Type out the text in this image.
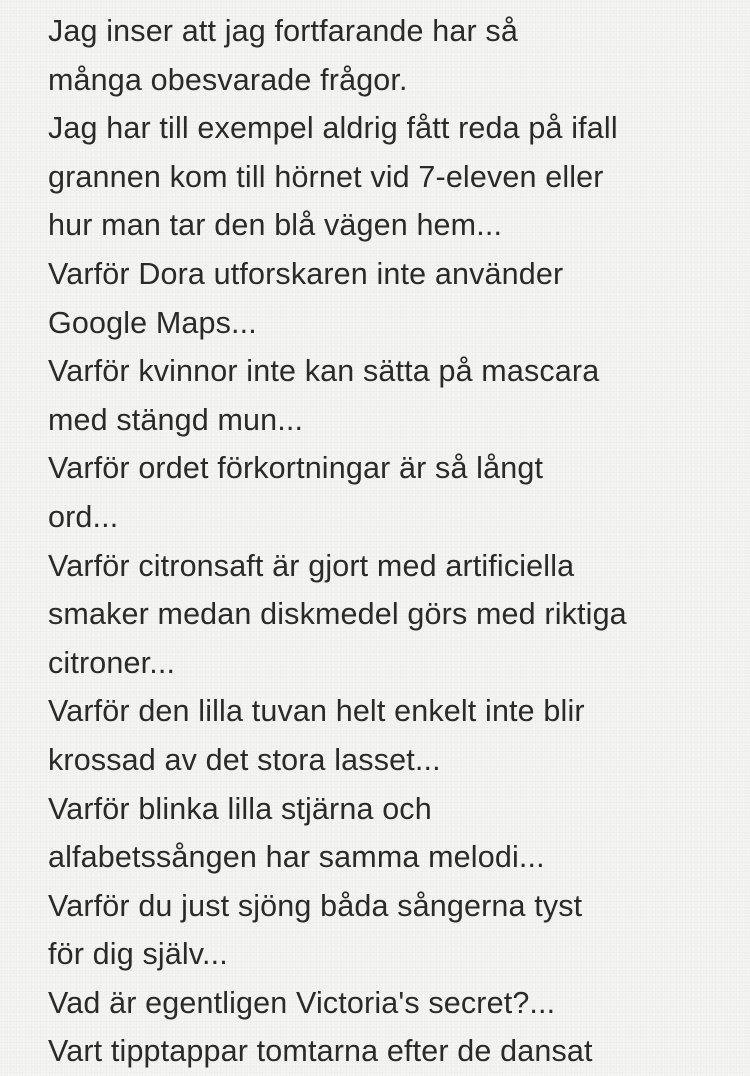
Jag inser att jag fortfarande har så
många obesvarade frågor.
Jag har till exempel aldrig fått reda på ifall
grannen kom till hörnet vid 7-eleven eller
hur man tar den blå vägen hem...
Varför Dora utforskaren inte använder
Google Maps...
Varför kvinnor inte kan sätta på mascara
med stängd mun...
Varför ordet förkortningar är så långt
ord...
Varför citronsaft är gjort med artificiella
smaker medan diskmedel görs med riktiga
citroner...
Varför den lilla tuvan helt enkelt inte blir
krossad av det stora lasset...
Varför blinka lilla stjärna och
alfabetssången har samma melodi...
Varför du just sjöng båda sångerna tyst
för dig själv...
Vad är egentligen Victoria's secret?...
Vart tipptappar tomtarna efter de dansat
